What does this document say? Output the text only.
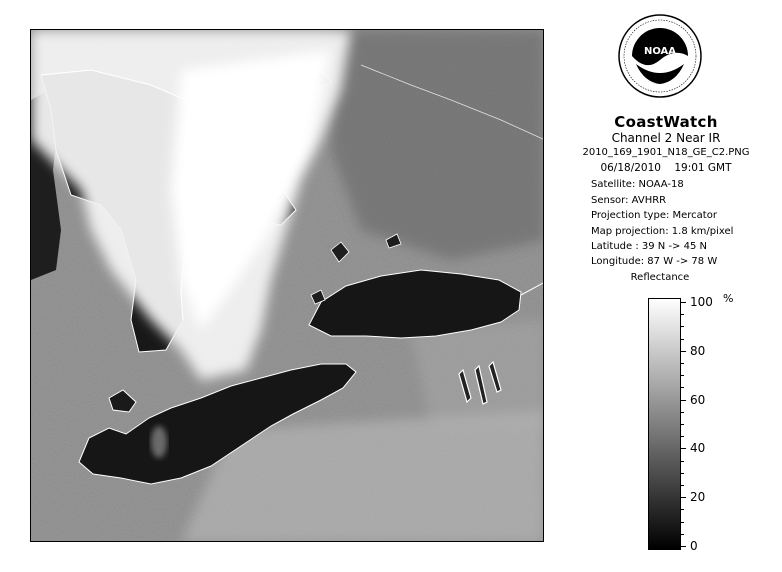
NOAA
CoastWatch
Channel 2 Near IR
2010_169_1901_N18_GE_C2.PNG
06/18/2010 19:01 GMT
Satellite: NOAA-18
Sensor: AVHRR
Projection type: Mercator
Map projection: 1.8 km/pixel
Latitude : 39 N -> 45 N
Longitude: 87 W -> 78 W
Reflectance
%
100
80
60
40
20
0
